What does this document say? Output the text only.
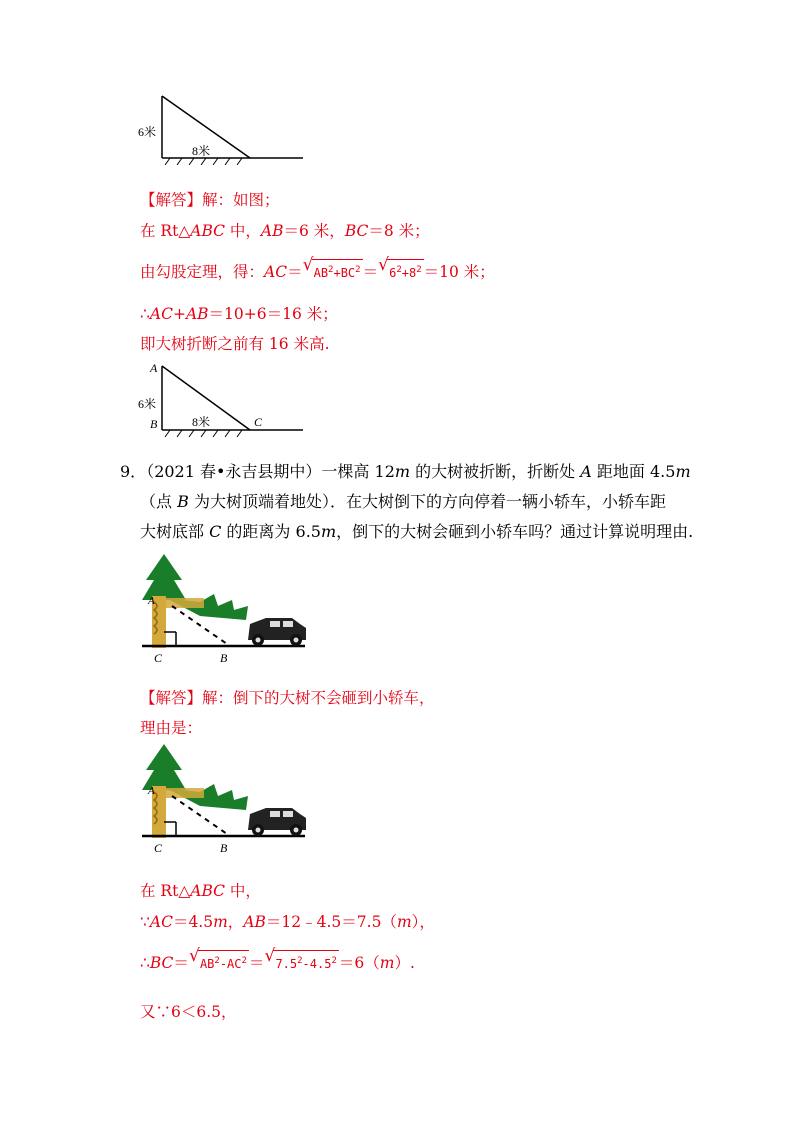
6米
8米
【解答】解：如图；
在 Rt△ABC 中，AB＝6 米，BC＝8 米；
由勾股定理，得：AC＝ √ $AB^2+BC^2$ ＝ √ $6^2+8^2 =10$ 米；
∴AC+AB＝10+6＝16 米；
即大树折断之前有 16 米高.
A
6米
B	8米	C
9．（2021 春•永吉县期中）一棵高 12m 的大树被折断，折断处 A 距地面 4.5m
（点 B 为大树顶端着地处）．在大树倒下的方向停着一辆小轿车，小轿车距
大树底部 C 的距离为 6.5m，倒下的大树会砸到小轿车吗？通过计算说明理由.
A
C	B
【解答】解：倒下的大树不会砸到小轿车，
理由是：
A
C	B
在 Rt△ABC 中，
∵AC＝4.5m，AB＝12﹣4.5＝7.5（m），
∴BC＝ √ $AB^2-AC^2$ ＝ √ $7.5^2-4.5^2 =6(m)$.
又∵6＜6.5，
